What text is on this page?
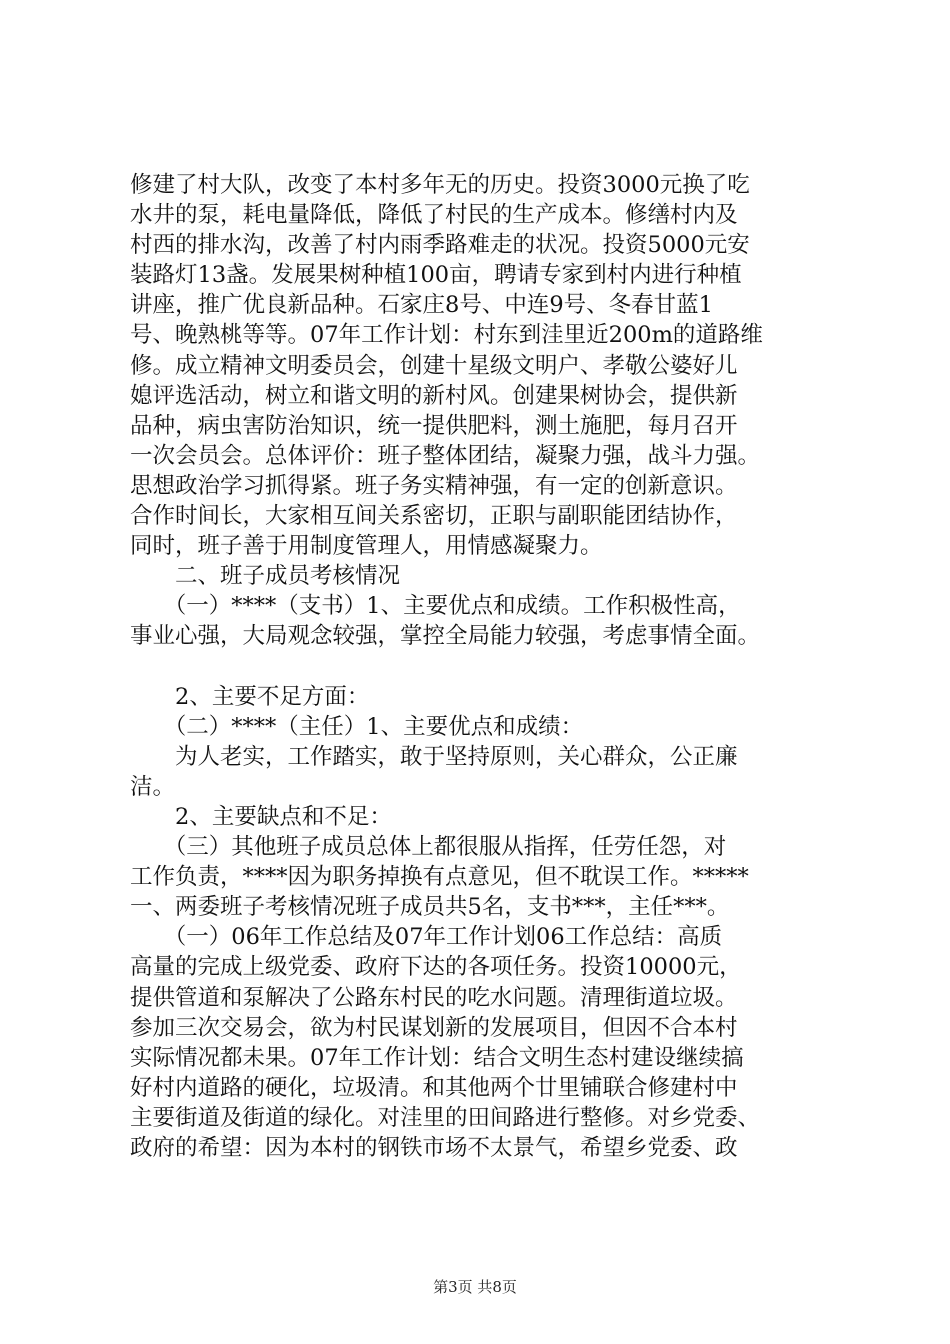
修建了村大队，改变了本村多年无的历史。投资3000元换了吃
水井的泵，耗电量降低，降低了村民的生产成本。修缮村内及
村西的排水沟，改善了村内雨季路难走的状况。投资5000元安
装路灯13盏。发展果树种植100亩，聘请专家到村内进行种植
讲座，推广优良新品种。石家庄8号、中连9号、冬春甘蓝1
号、晚熟桃等等。07年工作计划：村东到洼里近200m的道路维
修。成立精神文明委员会，创建十星级文明户、孝敬公婆好儿
媳评选活动，树立和谐文明的新村风。创建果树协会，提供新
品种，病虫害防治知识，统一提供肥料，测土施肥，每月召开
一次会员会。总体评价：班子整体团结，凝聚力强，战斗力强。
思想政治学习抓得紧。班子务实精神强，有一定的创新意识。
合作时间长，大家相互间关系密切，正职与副职能团结协作，
同时，班子善于用制度管理人，用情感凝聚力。
　　二、班子成员考核情况
　　（一）****（支书）1、主要优点和成绩。工作积极性高，
事业心强，大局观念较强，掌控全局能力较强，考虑事情全面。
　　2、主要不足方面：
　　（二）****（主任）1、主要优点和成绩：
　　为人老实，工作踏实，敢于坚持原则，关心群众，公正廉
洁。
　　2、主要缺点和不足：
　　（三）其他班子成员总体上都很服从指挥，任劳任怨，对
工作负责，****因为职务掉换有点意见，但不耽误工作。*****
一、两委班子考核情况班子成员共5名，支书***，主任***。
　　（一）06年工作总结及07年工作计划06工作总结：高质
高量的完成上级党委、政府下达的各项任务。投资10000元，
提供管道和泵解决了公路东村民的吃水问题。清理街道垃圾。
参加三次交易会，欲为村民谋划新的发展项目，但因不合本村
实际情况都未果。07年工作计划：结合文明生态村建设继续搞
好村内道路的硬化，垃圾清。和其他两个廿里铺联合修建村中
主要街道及街道的绿化。对洼里的田间路进行整修。对乡党委、
政府的希望：因为本村的钢铁市场不太景气，希望乡党委、政
第3页 共8页
